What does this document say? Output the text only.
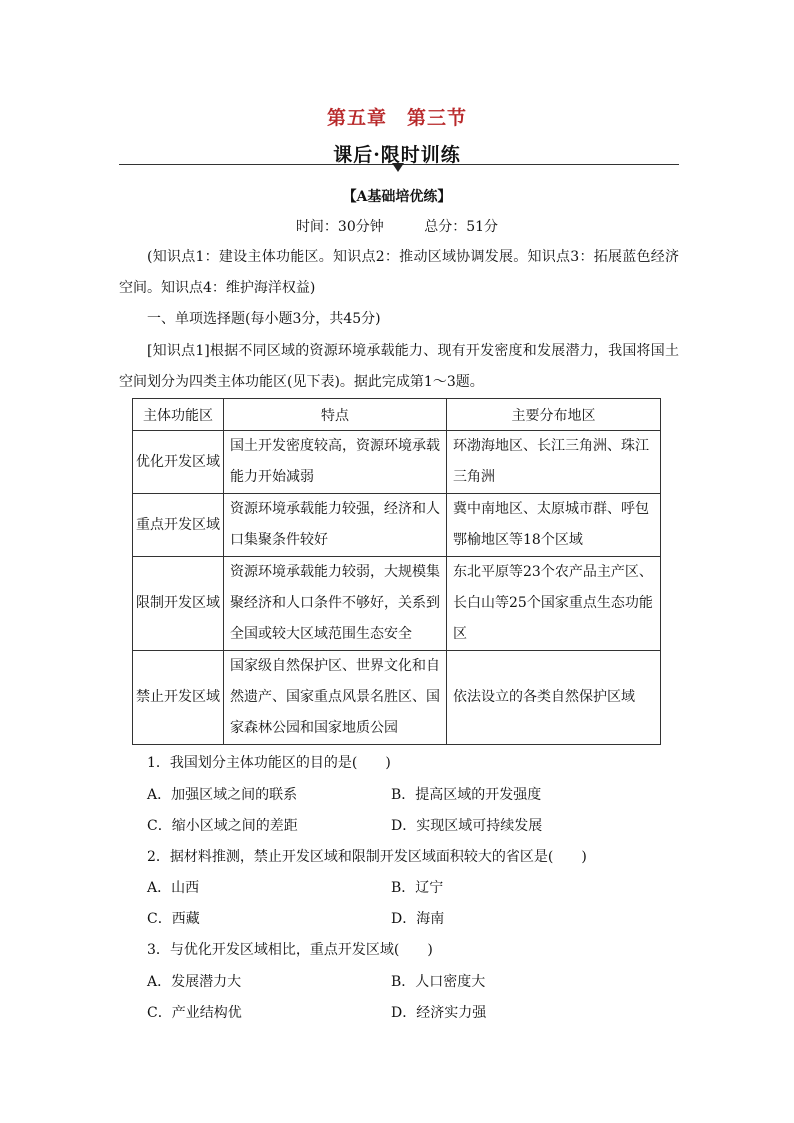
第五章　第三节
课后·限时训练
【A基础培优练】
时间：30分钟	总分：51分
(知识点1：建设主体功能区。知识点2：推动区域协调发展。知识点3：拓展蓝色经济空间。知识点4：维护海洋权益)
一、单项选择题(每小题3分，共45分)
[知识点1]根据不同区域的资源环境承载能力、现有开发密度和发展潜力，我国将国土空间划分为四类主体功能区(见下表)。据此完成第1～3题。
主体功能区	特点	主要分布地区
优化开发区域	国土开发密度较高，资源环境承载能力开始减弱	环渤海地区、长江三角洲、珠江三角洲
重点开发区域	资源环境承载能力较强，经济和人口集聚条件较好	冀中南地区、太原城市群、呼包鄂榆地区等18个区域
限制开发区域	资源环境承载能力较弱，大规模集聚经济和人口条件不够好，关系到全国或较大区域范围生态安全	东北平原等23个农产品主产区、长白山等25个国家重点生态功能区
禁止开发区域	国家级自然保护区、世界文化和自然遗产、国家重点风景名胜区、国家森林公园和国家地质公园	依法设立的各类自然保护区域
1．我国划分主体功能区的目的是(　　)
A．加强区域之间的联系	B．提高区域的开发强度
C．缩小区域之间的差距	D．实现区域可持续发展
2．据材料推测，禁止开发区域和限制开发区域面积较大的省区是(　　)
A．山西	B．辽宁
C．西藏	D．海南
3．与优化开发区域相比，重点开发区域(　　)
A．发展潜力大	B．人口密度大
C．产业结构优	D．经济实力强
